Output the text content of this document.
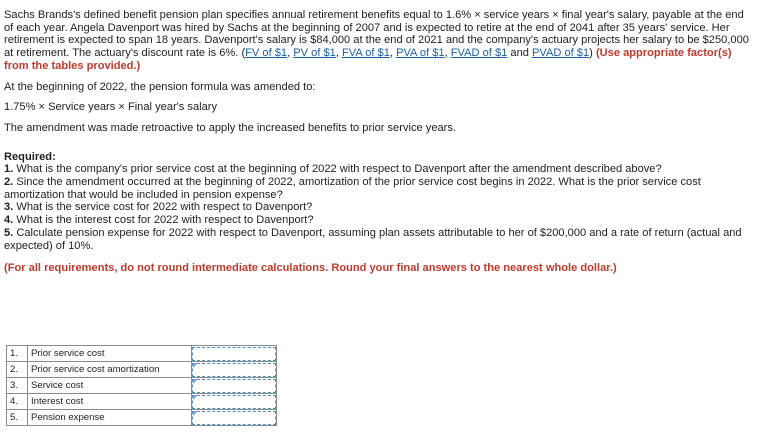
Sachs Brands's defined benefit pension plan specifies annual retirement benefits equal to 1.6% × service years × final year's salary, payable at the end of each year. Angela Davenport was hired by Sachs at the beginning of 2007 and is expected to retire at the end of 2041 after 35 years' service. Her retirement is expected to span 18 years. Davenport's salary is $84,000 at the end of 2021 and the company's actuary projects her salary to be $250,000 at retirement. The actuary's discount rate is 6%. (FV of $1, PV of $1, FVA of $1, PVA of $1, FVAD of $1 and PVAD of $1) (Use appropriate factor(s) from the tables provided.)

At the beginning of 2022, the pension formula was amended to:

1.75% × Service years × Final year's salary

The amendment was made retroactive to apply the increased benefits to prior service years.

Required:

1. What is the company's prior service cost at the beginning of 2022 with respect to Davenport after the amendment described above?

2. Since the amendment occurred at the beginning of 2022, amortization of the prior service cost begins in 2022. What is the prior service cost amortization that would be included in pension expense?

3. What is the service cost for 2022 with respect to Davenport?

4. What is the interest cost for 2022 with respect to Davenport?

5. Calculate pension expense for 2022 with respect to Davenport, assuming plan assets attributable to her of $200,000 and a rate of return (actual and expected) of 10%.

(For all requirements, do not round intermediate calculations. Round your final answers to the nearest whole dollar.)

1.	Prior service cost	
2.	Prior service cost amortization	

3.	Service cost	

4.	Interest cost	

5.	Pension expense	
